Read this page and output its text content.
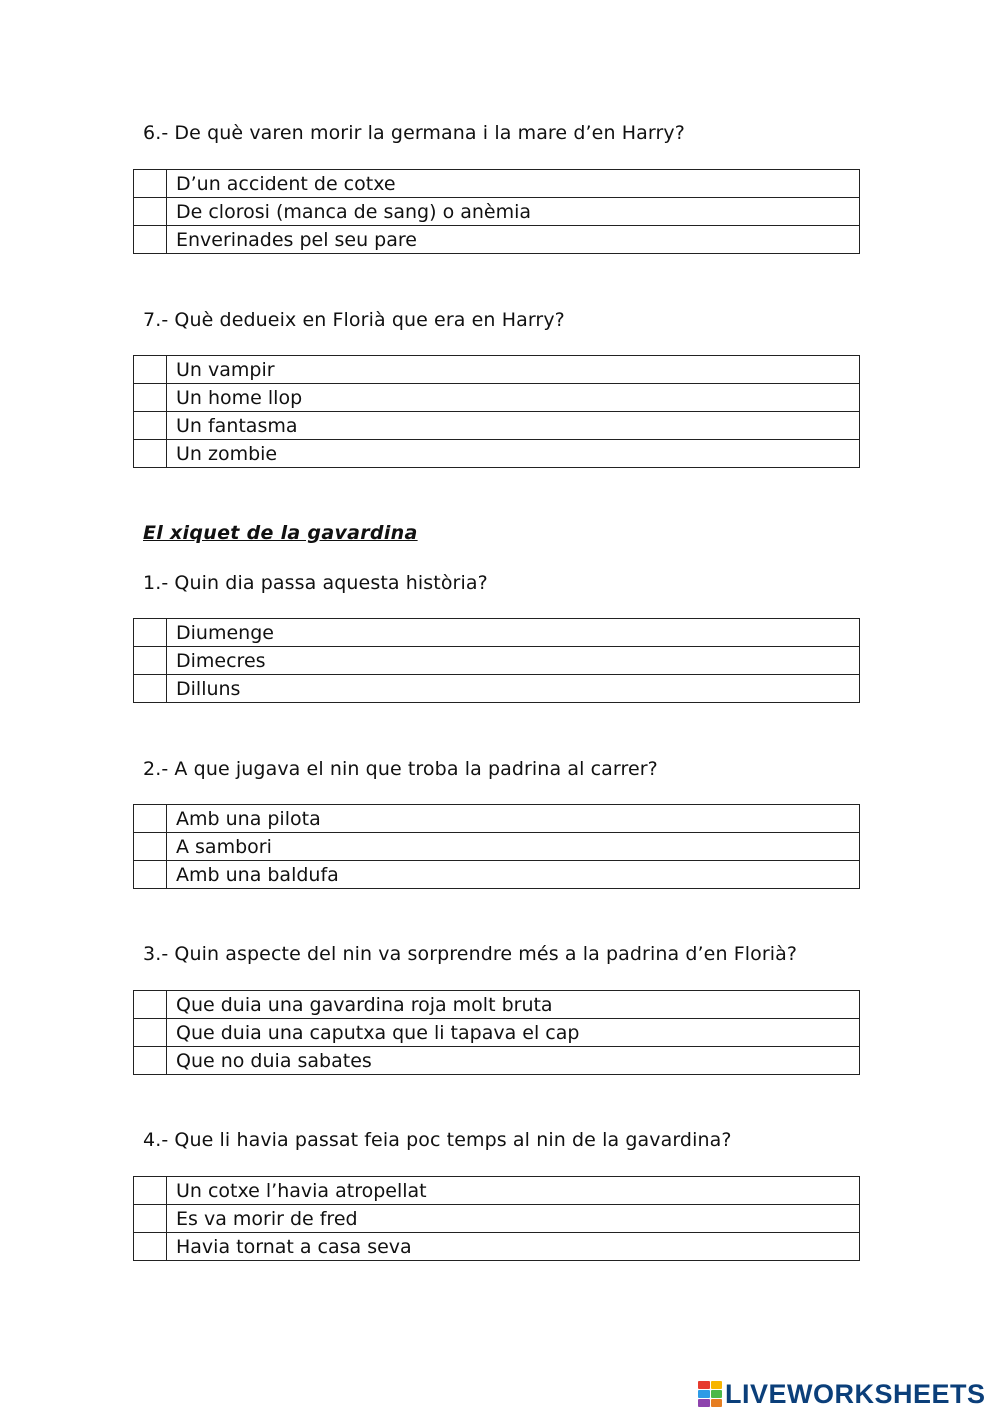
6.- De què varen morir la germana i la mare d’en Harry?
	D’un accident de cotxe
	De clorosi (manca de sang) o anèmia
	Enverinades pel seu pare
7.- Què dedueix en Florià que era en Harry?
	Un vampir
	Un home llop
	Un fantasma
	Un zombie
El xiquet de la gavardina
1.- Quin dia passa aquesta història?
	Diumenge
	Dimecres
	Dilluns
2.- A que jugava el nin que troba la padrina al carrer?
	Amb una pilota
	A sambori
	Amb una baldufa
3.- Quin aspecte del nin va sorprendre més a la padrina d’en Florià?
	Que duia una gavardina roja molt bruta
	Que duia una caputxa que li tapava el cap
	Que no duia sabates
4.- Que li havia passat feia poc temps al nin de la gavardina?
	Un cotxe l’havia atropellat
	Es va morir de fred
	Havia tornat a casa seva
LIVEWORKSHEETS
